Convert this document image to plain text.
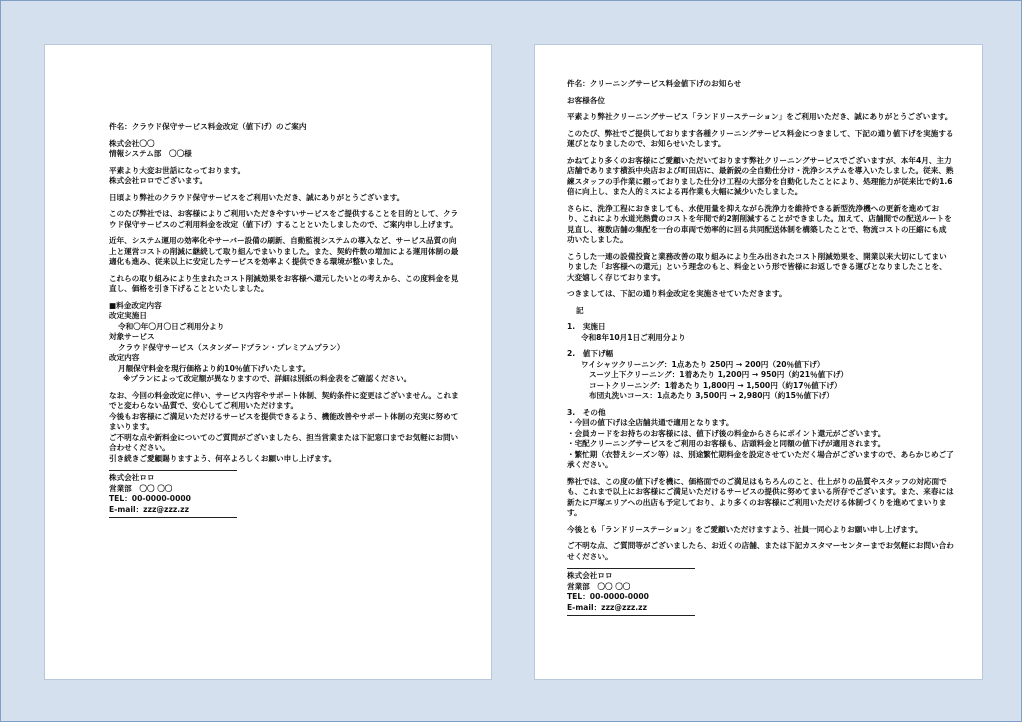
件名：クラウド保守サービス料金改定（値下げ）のご案内

株式会社〇〇

情報システム部　〇〇様

平素より大変お世話になっております。

株式会社ロロでございます。

日頃より弊社のクラウド保守サービスをご利用いただき、誠にありがとうございます。

このたび弊社では、お客様によりご利用いただきやすいサービスをご提供することを目的として、クラウド保守サービスのご利用料金を改定（値下げ）することといたしましたので、ご案内申し上げます。

近年、システム運用の効率化やサーバー設備の刷新、自動監視システムの導入など、サービス品質の向上と運営コストの削減に継続して取り組んでまいりました。また、契約件数の増加による運用体制の最適化も進み、従来以上に安定したサービスを効率よく提供できる環境が整いました。

これらの取り組みにより生まれたコスト削減効果をお客様へ還元したいとの考えから、この度料金を見直し、価格を引き下げることといたしました。

■料金改定内容

改定実施日

令和〇年〇月〇日ご利用分より

対象サービス

クラウド保守サービス（スタンダードプラン・プレミアムプラン）

改定内容

月額保守料金を現行価格より約10％値下げいたします。

※プランによって改定額が異なりますので、詳細は別紙の料金表をご確認ください。

なお、今回の料金改定に伴い、サービス内容やサポート体制、契約条件に変更はございません。これまでと変わらない品質で、安心してご利用いただけます。

今後もお客様にご満足いただけるサービスを提供できるよう、機能改善やサポート体制の充実に努めてまいります。

ご不明な点や新料金についてのご質問がございましたら、担当営業または下記窓口までお気軽にお問い合わせください。

引き続きご愛顧賜りますよう、何卒よろしくお願い申し上げます。

株式会社ロロ

営業部　〇〇 〇〇

TEL：00-0000-0000

E-mail：zzz@zzz.zz

件名：クリーニングサービス料金値下げのお知らせ

お客様各位

平素より弊社クリーニングサービス「ランドリーステーション」をご利用いただき、誠にありがとうございます。

このたび、弊社でご提供しております各種クリーニングサービス料金につきまして、下記の通り値下げを実施する運びとなりましたので、お知らせいたします。

かねてより多くのお客様にご愛顧いただいております弊社クリーニングサービスでございますが、本年4月、主力店舗であります横浜中央店および町田店に、最新鋭の全自動仕分け・洗浄システムを導入いたしました。従来、熟練スタッフの手作業に頼っておりました仕分け工程の大部分を自動化したことにより、処理能力が従来比で約1.6倍に向上し、また人的ミスによる再作業も大幅に減少いたしました。

さらに、洗浄工程におきましても、水使用量を抑えながら洗浄力を維持できる新型洗浄機への更新を進めており、これにより水道光熱費のコストを年間で約2割削減することができました。加えて、店舗間での配送ルートを見直し、複数店舗の集配を一台の車両で効率的に回る共同配送体制を構築したことで、物流コストの圧縮にも成功いたしました。

こうした一連の設備投資と業務改善の取り組みにより生み出されたコスト削減効果を、開業以来大切にしてまいりました「お客様への還元」という理念のもと、料金という形で皆様にお返しできる運びとなりましたことを、大変嬉しく存じております。

つきましては、下記の通り料金改定を実施させていただきます。

記

1.　実施日

令和8年10月1日ご利用分より

2.　値下げ幅

ワイシャツクリーニング：1点あたり 250円 → 200円（20％値下げ）

スーツ上下クリーニング：1着あたり 1,200円 → 950円（約21％値下げ）

コートクリーニング：1着あたり 1,800円 → 1,500円（約17％値下げ）

布団丸洗いコース：1点あたり 3,500円 → 2,980円（約15％値下げ）

3.　その他

・今回の値下げは全店舗共通で適用となります。

・会員カードをお持ちのお客様には、値下げ後の料金からさらにポイント還元がございます。

・宅配クリーニングサービスをご利用のお客様も、店頭料金と同額の値下げが適用されます。

・繁忙期（衣替えシーズン等）は、別途繁忙期料金を設定させていただく場合がございますので、あらかじめご了承ください。

弊社では、この度の値下げを機に、価格面でのご満足はもちろんのこと、仕上がりの品質やスタッフの対応面でも、これまで以上にお客様にご満足いただけるサービスの提供に努めてまいる所存でございます。また、来春には新たに戸塚エリアへの出店も予定しており、より多くのお客様にご利用いただける体制づくりを進めてまいります。

今後とも「ランドリーステーション」をご愛顧いただけますよう、社員一同心よりお願い申し上げます。

ご不明な点、ご質問等がございましたら、お近くの店舗、または下記カスタマーセンターまでお気軽にお問い合わせください。

株式会社ロロ

営業部　〇〇 〇〇

TEL：00-0000-0000

E-mail：zzz@zzz.zz
